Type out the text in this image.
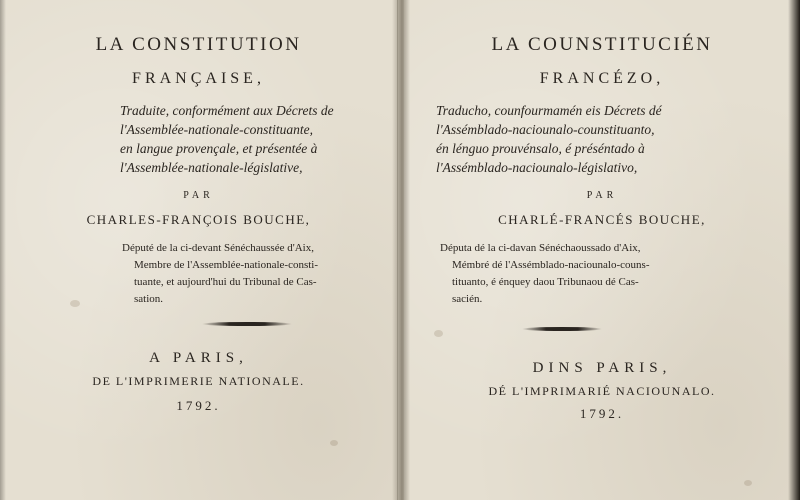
LA CONSTITUTION
FRANÇAISE,
Traduite, conformément aux Décrets de
l'Assemblée-nationale-constituante,
en langue provençale, et présentée à
l'Assemblée-nationale-législative,
PAR
CHARLES-FRANÇOIS BOUCHE,
Député de la ci-devant Sénéchaussée d'Aix,
Membre de l'Assemblée-nationale-consti-
tuante, et aujourd'hui du Tribunal de Cas-
sation.
A PARIS,
DE L'IMPRIMERIE NATIONALE.
1792.
LA COUNSTITUCIÉN
FRANCÉZO,
Traducho, counfourmamén eis Décrets dé
l'Assémblado-naciounalo-counstituanto,
én lénguo prouvénsalo, é préséntado à
l'Assémblado-naciounalo-législativo,
PAR
CHARLÉ-FRANCÉS BOUCHE,
Députa dé la ci-davan Sénéchaoussado d'Aix,
Mémbré dé l'Assémblado-naciounalo-couns-
tituanto, é énquey daou Tribunaou dé Cas-
sacién.
DINS PARIS,
DÉ L'IMPRIMARIÉ NACIOUNALO.
1792.
